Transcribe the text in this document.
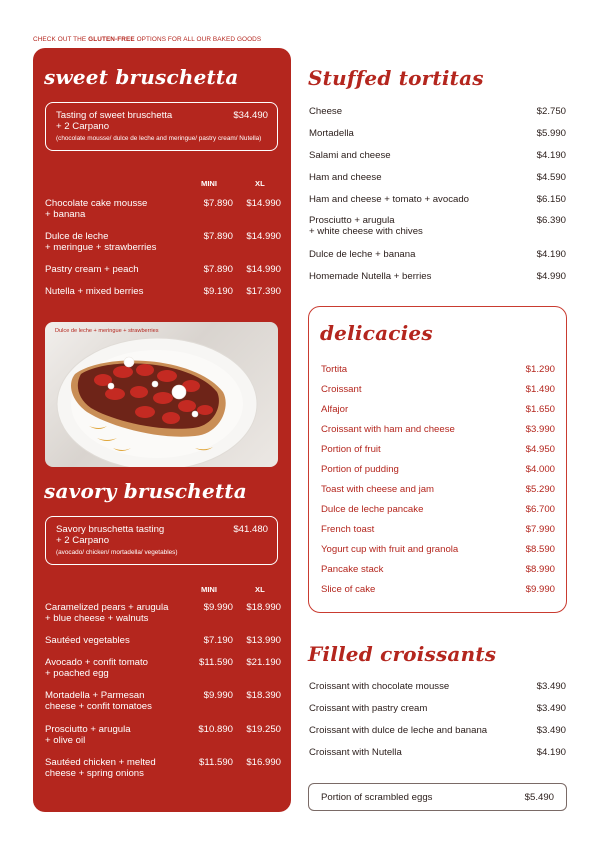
CHECK OUT THE GLUTEN-FREE OPTIONS FOR ALL OUR BAKED GOODS
sweet bruschetta
Tasting of sweet bruschetta
+ 2 Carpano
$34.490
(chocolate mousse/ dulce de leche and meringue/ pastry cream/ Nutella)
MINI	XL
Chocolate cake mousse
+ banana
$7.890 $14.990
Dulce de leche
+ meringue + strawberries
$7.890 $14.990
Pastry cream + peach	$7.890 $14.990
Nutella + mixed berries	$9.190 $17.390
Dulce de leche + meringue + strawberries
savory bruschetta
Savory bruschetta tasting
+ 2 Carpano
$41.480
(avocado/ chicken/ mortadella/ vegetables)
MINI	XL
Caramelized pears + arugula
+ blue cheese + walnuts
$9.990 $18.990
Sautéed vegetables	$7.190 $13.990
Avocado + confit tomato
+ poached egg
$11.590 $21.190
Mortadella + Parmesan
cheese + confit tomatoes
$9.990 $18.390
Prosciutto + arugula
+ olive oil
$10.890 $19.250
Sautéed chicken + melted
cheese + spring onions
$11.590 $16.990
Stuffed tortitas
Cheese	$2.750
Mortadella	$5.990
Salami and cheese	$4.190
Ham and cheese	$4.590
Ham and cheese + tomato + avocado	$6.150
Prosciutto + arugula
+ white cheese with chives
$6.390
Dulce de leche + banana	$4.190
Homemade Nutella + berries	$4.990
delicacies
Tortita	$1.290
Croissant	$1.490
Alfajor	$1.650
Croissant with ham and cheese	$3.990
Portion of fruit	$4.950
Portion of pudding	$4.000
Toast with cheese and jam	$5.290
Dulce de leche pancake	$6.700
French toast	$7.990
Yogurt cup with fruit and granola	$8.590
Pancake stack	$8.990
Slice of cake	$9.990
Filled croissants
Croissant with chocolate mousse	$3.490
Croissant with pastry cream	$3.490
Croissant with dulce de leche and banana	$3.490
Croissant with Nutella	$4.190
Portion of scrambled eggs	$5.490
